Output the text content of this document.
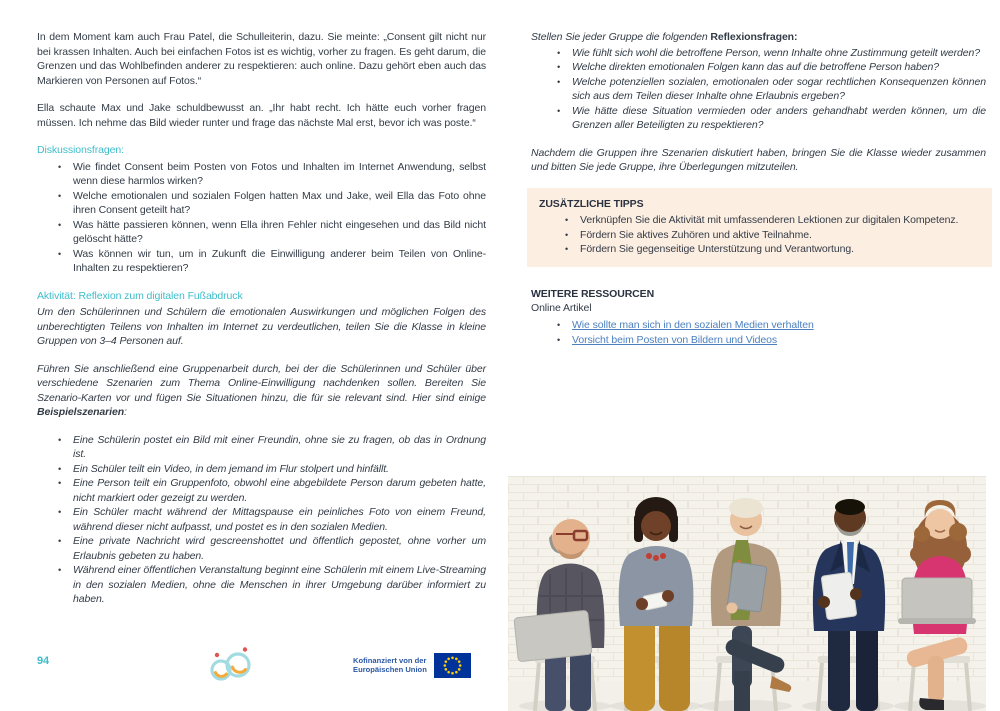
In dem Moment kam auch Frau Patel, die Schulleiterin, dazu. Sie meinte: „Consent gilt nicht nur bei krassen Inhalten. Auch bei einfachen Fotos ist es wichtig, vorher zu fragen. Es geht darum, die Grenzen und das Wohlbefinden anderer zu respektieren: auch online. Dazu gehört eben auch das Markieren von Personen auf Fotos.“

Ella schaute Max und Jake schuldbewusst an. „Ihr habt recht. Ich hätte euch vorher fragen müssen. Ich nehme das Bild wieder runter und frage das nächste Mal erst, bevor ich was poste.“

Diskussionsfragen:
• Wie findet Consent beim Posten von Fotos und Inhalten im Internet Anwendung, selbst wenn diese harmlos wirken?
• Welche emotionalen und sozialen Folgen hatten Max und Jake, weil Ella das Foto ohne ihren Consent geteilt hat?
• Was hätte passieren können, wenn Ella ihren Fehler nicht eingesehen und das Bild nicht gelöscht hätte?
• Was können wir tun, um in Zukunft die Einwilligung anderer beim Teilen von Online-Inhalten zu respektieren?
Aktivität: Reflexion zum digitalen Fußabdruck

Um den Schülerinnen und Schülern die emotionalen Auswirkungen und möglichen Folgen des unberechtigten Teilens von Inhalten im Internet zu verdeutlichen, teilen Sie die Klasse in kleine Gruppen von 3–4 Personen auf.

Führen Sie anschließend eine Gruppenarbeit durch, bei der die Schülerinnen und Schüler über verschiedene Szenarien zum Thema Online-Einwilligung nachdenken sollen. Bereiten Sie Szenario-Karten vor und fügen Sie Situationen hinzu, die für sie relevant sind. Hier sind einige Beispielszenarien:

• Eine Schülerin postet ein Bild mit einer Freundin, ohne sie zu fragen, ob das in Ordnung ist.
• Ein Schüler teilt ein Video, in dem jemand im Flur stolpert und hinfällt.
• Eine Person teilt ein Gruppenfoto, obwohl eine abgebildete Person darum gebeten hatte, nicht markiert oder gezeigt zu werden.
• Ein Schüler macht während der Mittagspause ein peinliches Foto von einem Freund, während dieser nicht aufpasst, und postet es in den sozialen Medien.
• Eine private Nachricht wird gescreenshottet und öffentlich gepostet, ohne vorher um Erlaubnis gebeten zu haben.
• Während einer öffentlichen Veranstaltung beginnt eine Schülerin mit einem Live-Streaming in den sozialen Medien, ohne die Menschen in ihrer Umgebung darüber informiert zu haben.

Stellen Sie jeder Gruppe die folgenden Reflexionsfragen:

• Wie fühlt sich wohl die betroffene Person, wenn Inhalte ohne Zustimmung geteilt werden?
• Welche direkten emotionalen Folgen kann das auf die betroffene Person haben?
• Welche potenziellen sozialen, emotionalen oder sogar rechtlichen Konsequenzen können sich aus dem Teilen dieser Inhalte ohne Erlaubnis ergeben?
• Wie hätte diese Situation vermieden oder anders gehandhabt werden können, um die Grenzen aller Beteiligten zu respektieren?

Nachdem die Gruppen ihre Szenarien diskutiert haben, bringen Sie die Klasse wieder zusammen und bitten Sie jede Gruppe, ihre Überlegungen mitzuteilen.

ZUSÄTZLICHE TIPPS
• Verknüpfen Sie die Aktivität mit umfassenderen Lektionen zur digitalen Kompetenz.
• Fördern Sie aktives Zuhören und aktive Teilnahme.
• Fördern Sie gegenseitige Unterstützung und Verantwortung.
WEITERE RESSOURCEN
Online Artikel
• Wie sollte man sich in den sozialen Medien verhalten
• Vorsicht beim Posten von Bildern und Videos
94	Kofinanziert von der
Europäischen Union
